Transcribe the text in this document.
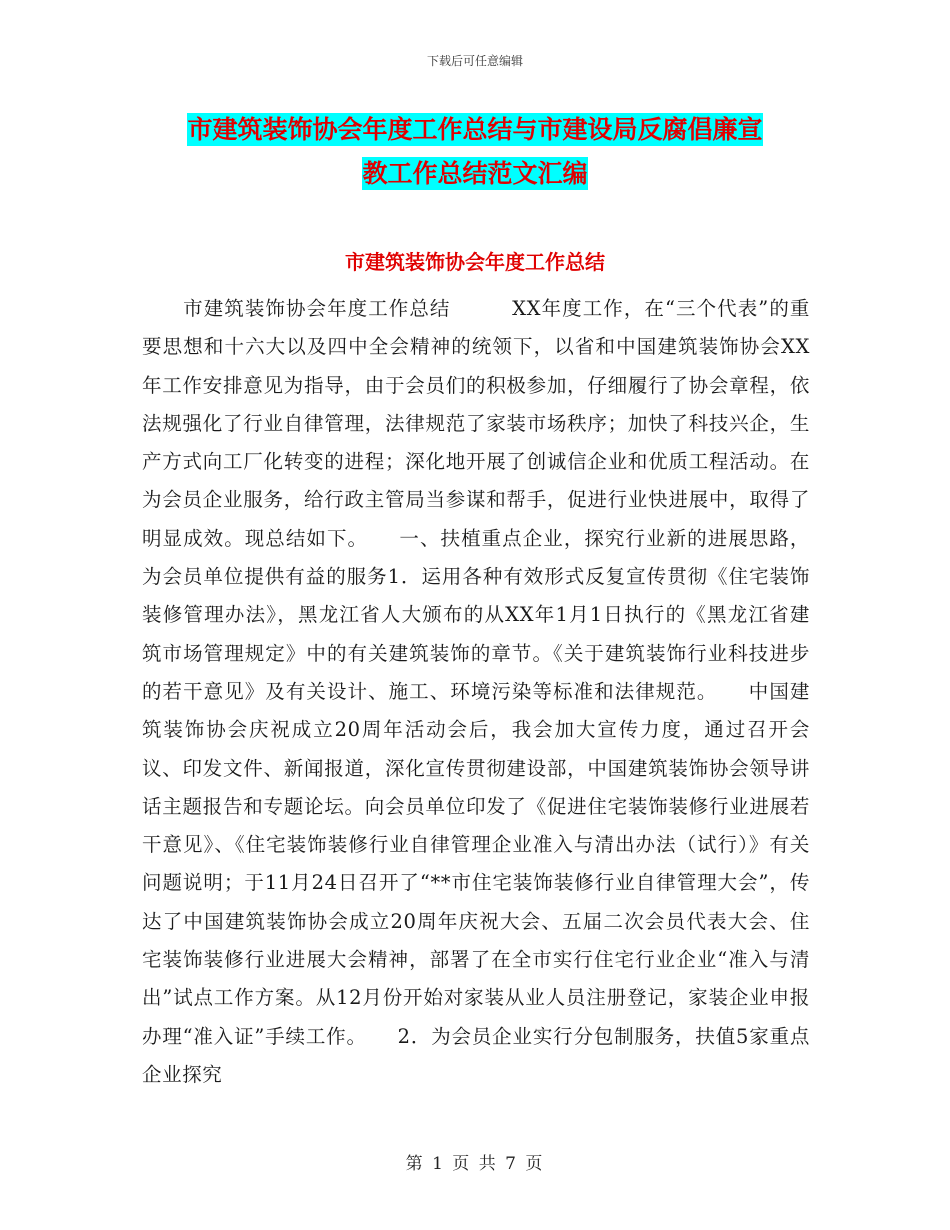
下载后可任意编辑
市建筑装饰协会年度工作总结与市建设局反腐倡廉宣
教工作总结范文汇编
市建筑装饰协会年度工作总结
　　市建筑装饰协会年度工作总结　　　XX年度工作，在“三个代表”的重要思想和十六大以及四中全会精神的统领下，以省和中国建筑装饰协会XX年工作安排意见为指导，由于会员们的积极参加，仔细履行了协会章程，依法规强化了行业自律管理，法律规范了家装市场秩序；加快了科技兴企，生产方式向工厂化转变的进程；深化地开展了创诚信企业和优质工程活动。在为会员企业服务，给行政主管局当参谋和帮手，促进行业快进展中，取得了明显成效。现总结如下。　　一、扶植重点企业，探究行业新的进展思路，为会员单位提供有益的服务1．运用各种有效形式反复宣传贯彻《住宅装饰装修管理办法》，黑龙江省人大颁布的从XX年1月1日执行的《黑龙江省建筑市场管理规定》中的有关建筑装饰的章节。《关于建筑装饰行业科技进步的若干意见》及有关设计、施工、环境污染等标准和法律规范。　　中国建筑装饰协会庆祝成立20周年活动会后，我会加大宣传力度，通过召开会议、印发文件、新闻报道，深化宣传贯彻建设部，中国建筑装饰协会领导讲话主题报告和专题论坛。向会员单位印发了《促进住宅装饰装修行业进展若干意见》、《住宅装饰装修行业自律管理企业准入与清出办法（试行）》有关问题说明；于11月24日召开了“**市住宅装饰装修行业自律管理大会”，传达了中国建筑装饰协会成立20周年庆祝大会、五届二次会员代表大会、住宅装饰装修行业进展大会精神，部署了在全市实行住宅行业企业“准入与清出”试点工作方案。从12月份开始对家装从业人员注册登记，家装企业申报办理“准入证”手续工作。　　2．为会员企业实行分包制服务，扶值5家重点企业探究
第 1 页 共 7 页
